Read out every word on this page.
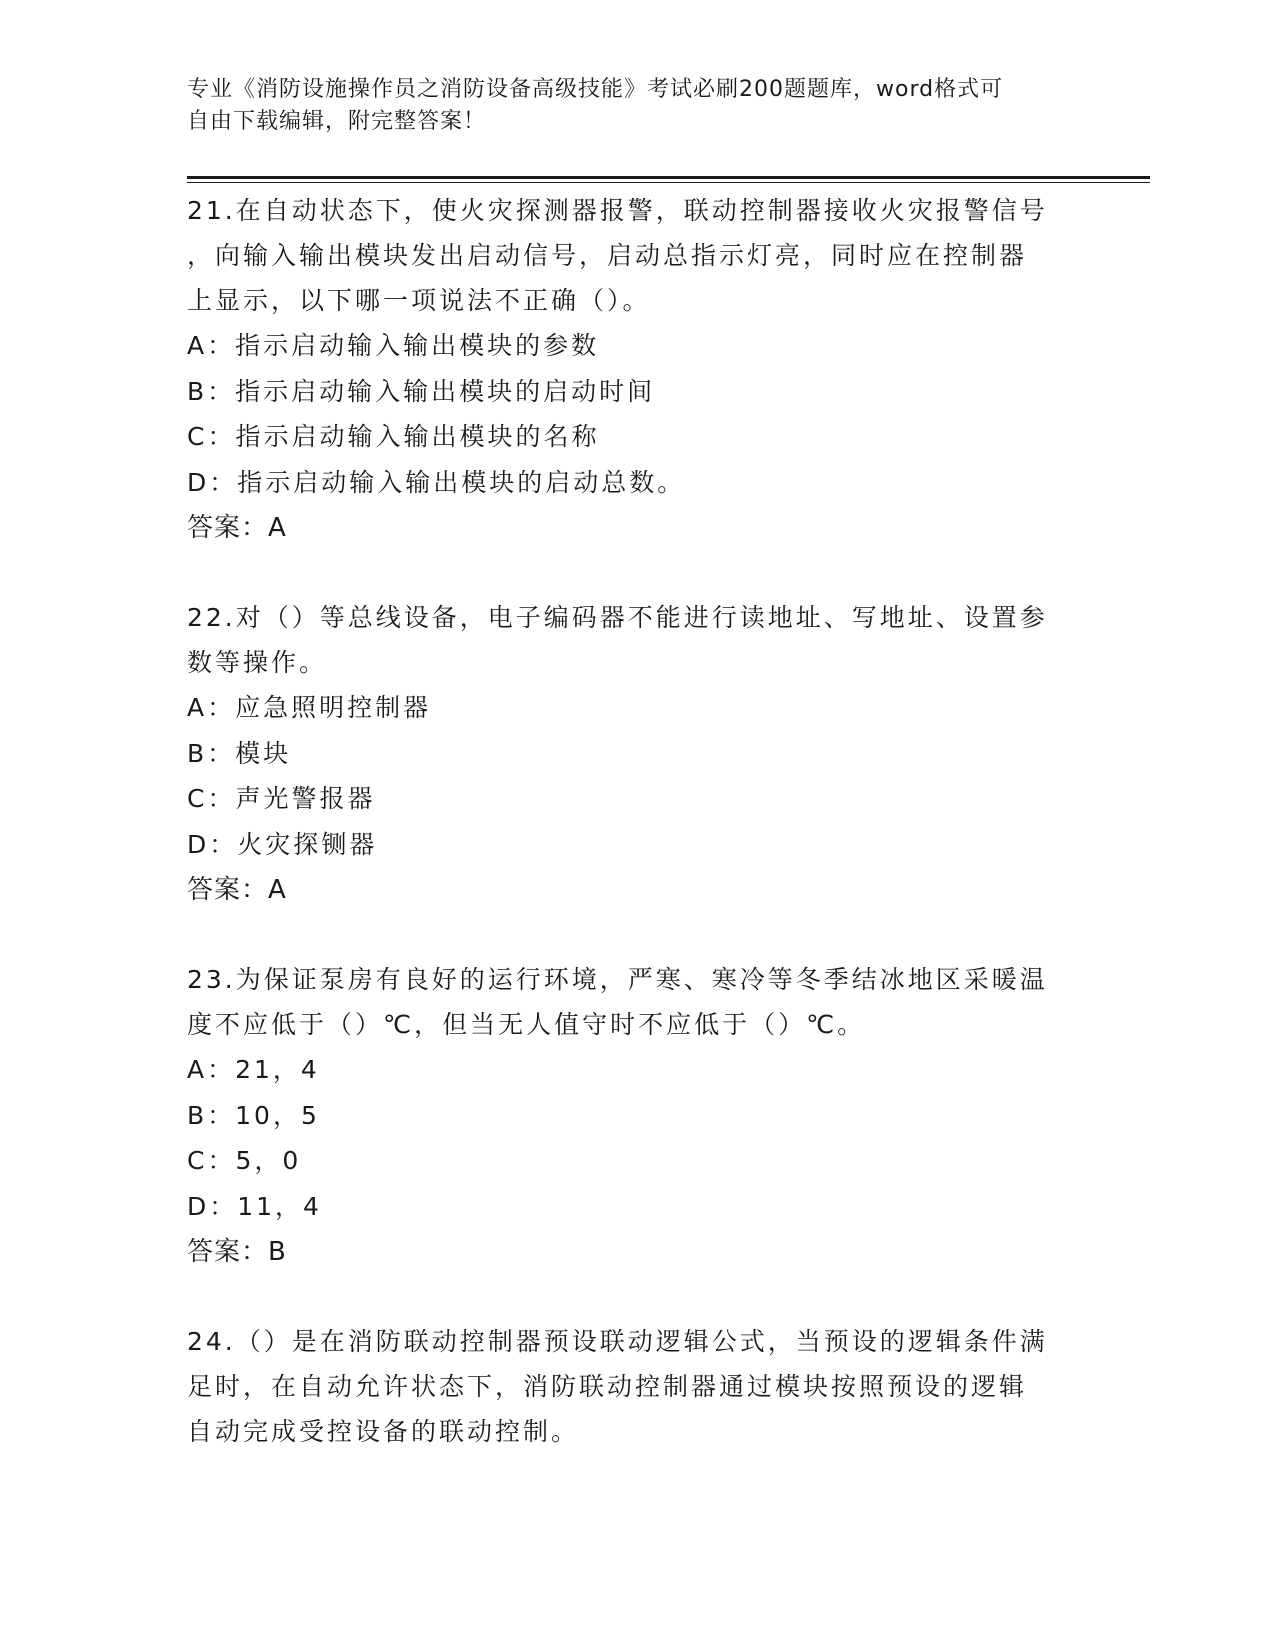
专业《消防设施操作员之消防设备高级技能》考试必刷200题题库，word格式可
自由下载编辑，附完整答案！

21.在自动状态下，使火灾探测器报警，联动控制器接收火灾报警信号

，向输入输出模块发出启动信号，启动总指示灯亮，同时应在控制器

上显示，以下哪一项说法不正确（）。

A：指示启动输入输出模块的参数

B：指示启动输入输出模块的启动时间

C：指示启动输入输出模块的名称

D：指示启动输入输出模块的启动总数。

答案：A

22.对（）等总线设备，电子编码器不能进行读地址、写地址、设置参

数等操作。

A：应急照明控制器

B：模块

C：声光警报器

D：火灾探铡器

答案：A

23.为保证泵房有良好的运行环境，严寒、寒冷等冬季结冰地区采暖温

度不应低于（）℃，但当无人值守时不应低于（）℃。

A：21，4

B：10，5

C：5，0

D：11，4

答案：B

24.（）是在消防联动控制器预设联动逻辑公式，当预设的逻辑条件满

足时，在自动允许状态下，消防联动控制器通过模块按照预设的逻辑

自动完成受控设备的联动控制。
